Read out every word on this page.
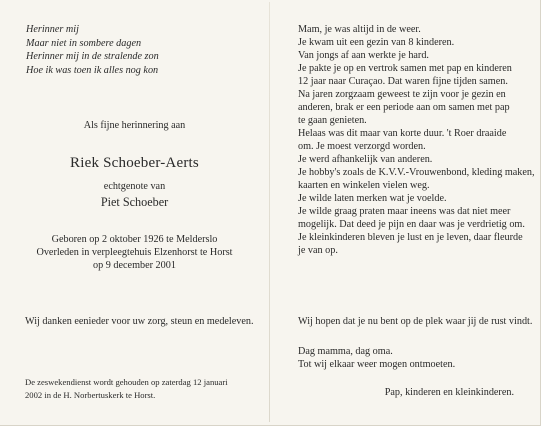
Herinner mij
Maar niet in sombere dagen
Herinner mij in de stralende zon
Hoe ik was toen ik alles nog kon
Als fijne herinnering aan
Riek Schoeber-Aerts
echtgenote van
Piet Schoeber
Geboren op 2 oktober 1926 te Melderslo
Overleden in verpleegtehuis Elzenhorst te Horst
op 9 december 2001
Wij danken eenieder voor uw zorg, steun en medeleven.
De zeswekendienst wordt gehouden op zaterdag 12 januari
2002 in de H. Norbertuskerk te Horst.
Mam, je was altijd in de weer.
Je kwam uit een gezin van 8 kinderen.
Van jongs af aan werkte je hard.
Je pakte je op en vertrok samen met pap en kinderen
12 jaar naar Curaçao. Dat waren fijne tijden samen.
Na jaren zorgzaam geweest te zijn voor je gezin en
anderen, brak er een periode aan om samen met pap
te gaan genieten.
Helaas was dit maar van korte duur. 't Roer draaide
om. Je moest verzorgd worden.
Je werd afhankelijk van anderen.
Je hobby's zoals de K.V.V.-Vrouwenbond, kleding maken,
kaarten en winkelen vielen weg.
Je wilde laten merken wat je voelde.
Je wilde graag praten maar ineens was dat niet meer
mogelijk. Dat deed je pijn en daar was je verdrietig om.
Je kleinkinderen bleven je lust en je leven, daar fleurde
je van op.
Wij hopen dat je nu bent op de plek waar jij de rust vindt.
Dag mamma, dag oma.
Tot wij elkaar weer mogen ontmoeten.
Pap, kinderen en kleinkinderen.
